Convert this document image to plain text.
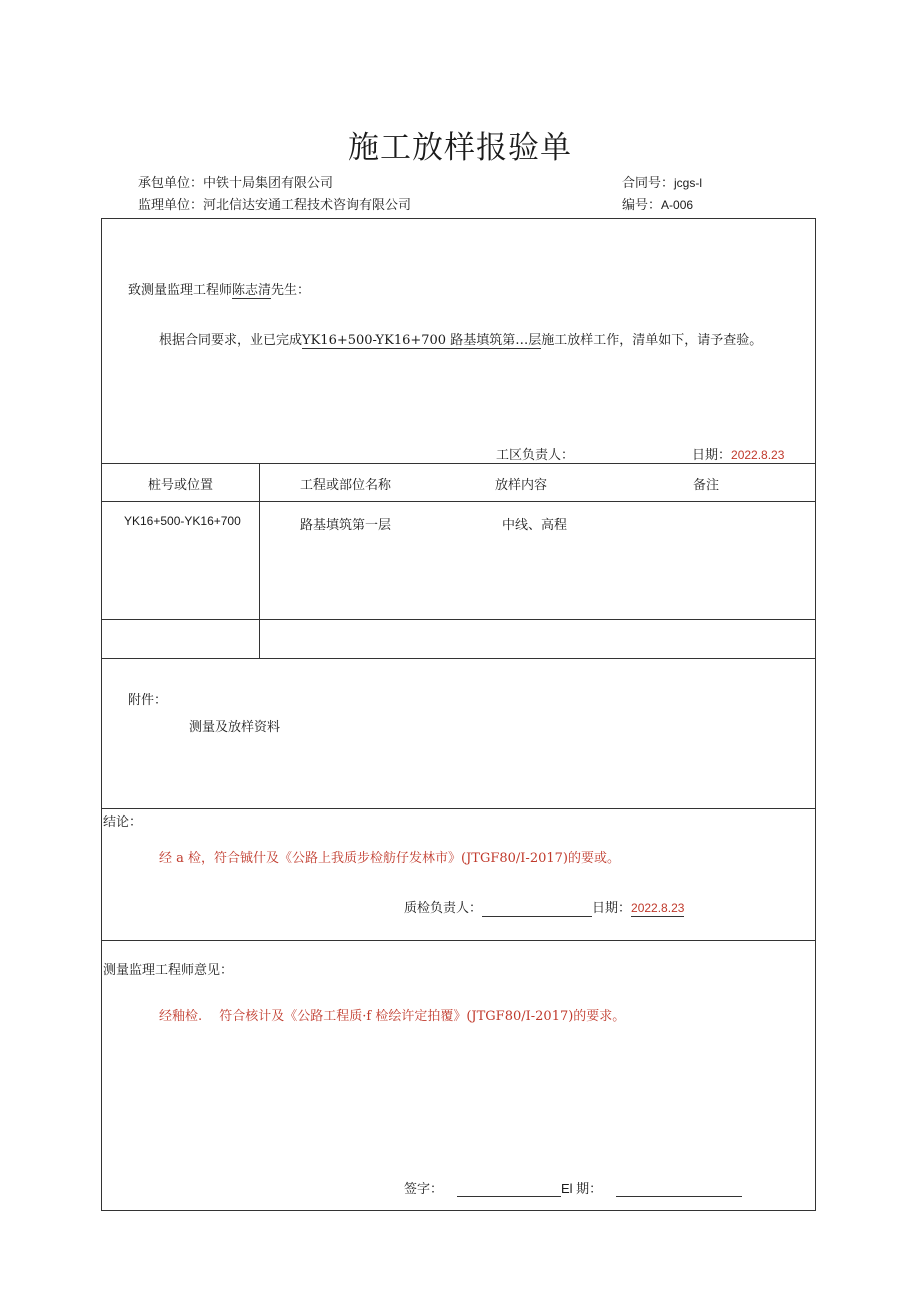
施工放样报验单
承包单位：中铁十局集团有限公司	合同号：jcgs-l
监理单位：河北信达安通工程技术咨询有限公司	编号：A-006
致测量监理工程师陈志清先生：
根据合同要求，业已完成YK16+500-YK16+700 路基填筑第…层施工放样工作，清单如下，请予查验。
工区负责人：	日期：2022.8.23
桩号或位置	工程或部位名称	放样内容	备注
YK16+500-YK16+700	路基填筑第一层	中线、高程
附件：
测量及放样资料
结论：
经 a 检，符合铖什及《公路上我质步检舫仔发林市》(JTGF80/I-2017)的要或。
质检负责人：	日期：2022.8.23
测量监理工程师意见：
经釉检.　 符合核计及《公路工程质·f 检绘许定拍覆》(JTGF80/I-2017)的要求。
签字：	El 期：
